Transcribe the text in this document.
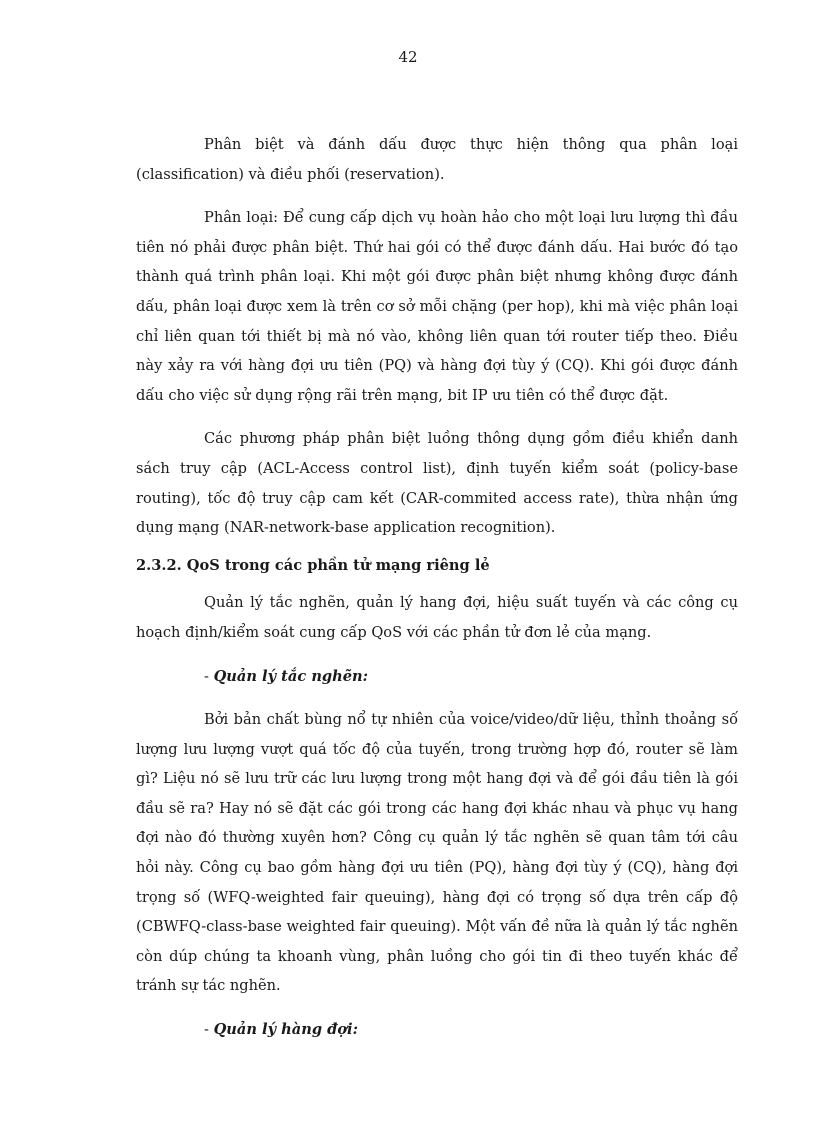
42

Phân biệt và đánh dấu được thực hiện thông qua phân loại (classification) và điều phối (reservation).

Phân loại: Để cung cấp dịch vụ hoàn hảo cho một loại lưu lượng thì đầu tiên nó phải được phân biệt. Thứ hai gói có thể được đánh dấu. Hai bước đó tạo thành quá trình phân loại. Khi một gói được phân biệt nhưng không được đánh dấu, phân loại được xem là trên cơ sở mỗi chặng (per hop), khi mà việc phân loại chỉ liên quan tới thiết bị mà nó vào, không liên quan tới router tiếp theo. Điều này xảy ra với hàng đợi ưu tiên (PQ) và hàng đợi tùy ý (CQ). Khi gói được đánh dấu cho việc sử dụng rộng rãi trên mạng, bit IP ưu tiên có thể được đặt.

Các phương pháp phân biệt luồng thông dụng gồm điều khiển danh sách truy cập (ACL-Access control list), định tuyến kiểm soát (policy-base routing), tốc độ truy cập cam kết (CAR-commited access rate), thừa nhận ứng dụng mạng (NAR-network-base application recognition).

2.3.2. QoS trong các phần tử mạng riêng lẻ

Quản lý tắc nghẽn, quản lý hang đợi, hiệu suất tuyến và các công cụ hoạch định/kiểm soát cung cấp QoS với các phần tử đơn lẻ của mạng.

- Quản lý tắc nghẽn:

Bởi bản chất bùng nổ tự nhiên của voice/video/dữ liệu, thỉnh thoảng số lượng lưu lượng vượt quá tốc độ của tuyến, trong trường hợp đó, router sẽ làm gì? Liệu nó sẽ lưu trữ các lưu lượng trong một hang đợi và để gói đầu tiên là gói đầu sẽ ra? Hay nó sẽ đặt các gói trong các hang đợi khác nhau và phục vụ hang đợi nào đó thường xuyên hơn? Công cụ quản lý tắc nghẽn sẽ quan tâm tới câu hỏi này. Công cụ bao gồm hàng đợi ưu tiên (PQ), hàng đợi tùy ý (CQ), hàng đợi trọng số (WFQ-weighted fair queuing), hàng đợi có trọng số dựa trên cấp độ (CBWFQ-class-base weighted fair queuing). Một vấn đề nữa là quản lý tắc nghẽn còn dúp chúng ta khoanh vùng, phân luồng cho gói tin đi theo tuyến khác để tránh sự tác nghẽn.

- Quản lý hàng đợi:
